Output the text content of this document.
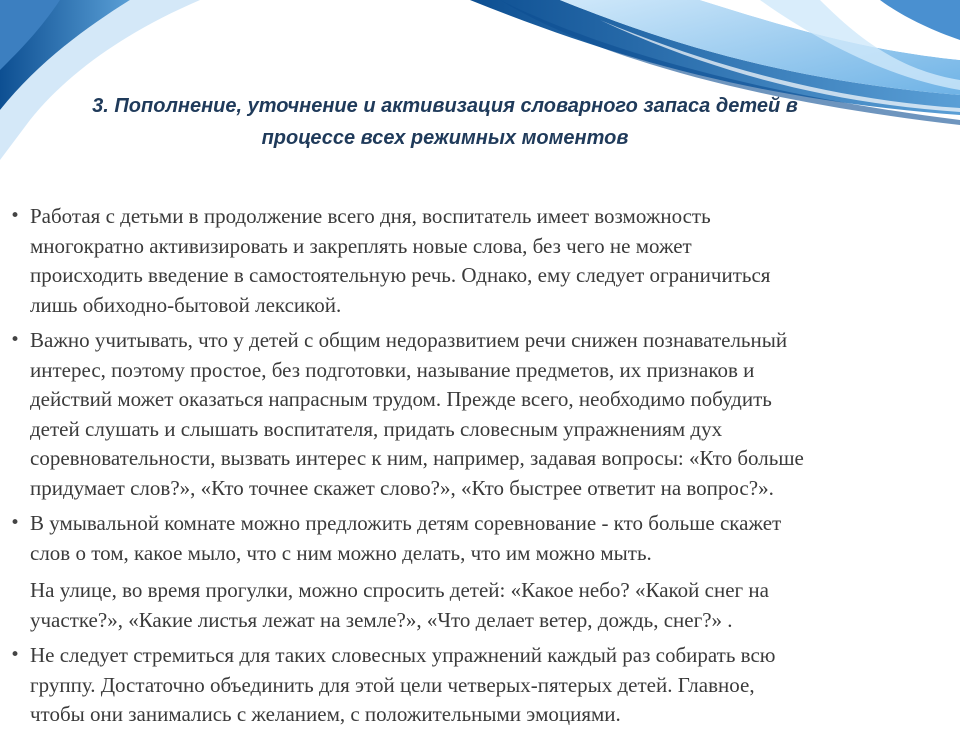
3. Пополнение, уточнение и активизация словарного запаса детей в
процессе всех режимных моментов

• Работая с детьми в продолжение всего дня, воспитатель имеет возможность
многократно активизировать и закреплять новые слова, без чего не может
происходить введение в самостоятельную речь. Однако, ему следует ограничиться
лишь обиходно-бытовой лексикой.

• Важно учитывать, что у детей с общим недоразвитием речи снижен познавательный
интерес, поэтому простое, без подготовки, называние предметов, их признаков и
действий может оказаться напрасным трудом. Прежде всего, необходимо побудить
детей слушать и слышать воспитателя, придать словесным упражнениям дух
соревновательности, вызвать интерес к ним, например, задавая вопросы: «Кто больше
придумает слов?», «Кто точнее скажет слово?», «Кто быстрее ответит на вопрос?».

• В умывальной комнате можно предложить детям соревнование - кто больше скажет
слов о том, какое мыло, что с ним можно делать, что им можно мыть.

На улице, во время прогулки, можно спросить детей: «Какое небо? «Какой снег на
участке?», «Какие листья лежат на земле?», «Что делает ветер, дождь, снег?» .

• Не следует стремиться для таких словесных упражнений каждый раз собирать всю
группу. Достаточно объединить для этой цели четверых-пятерых детей. Главное,
чтобы они занимались с желанием, с положительными эмоциями.
